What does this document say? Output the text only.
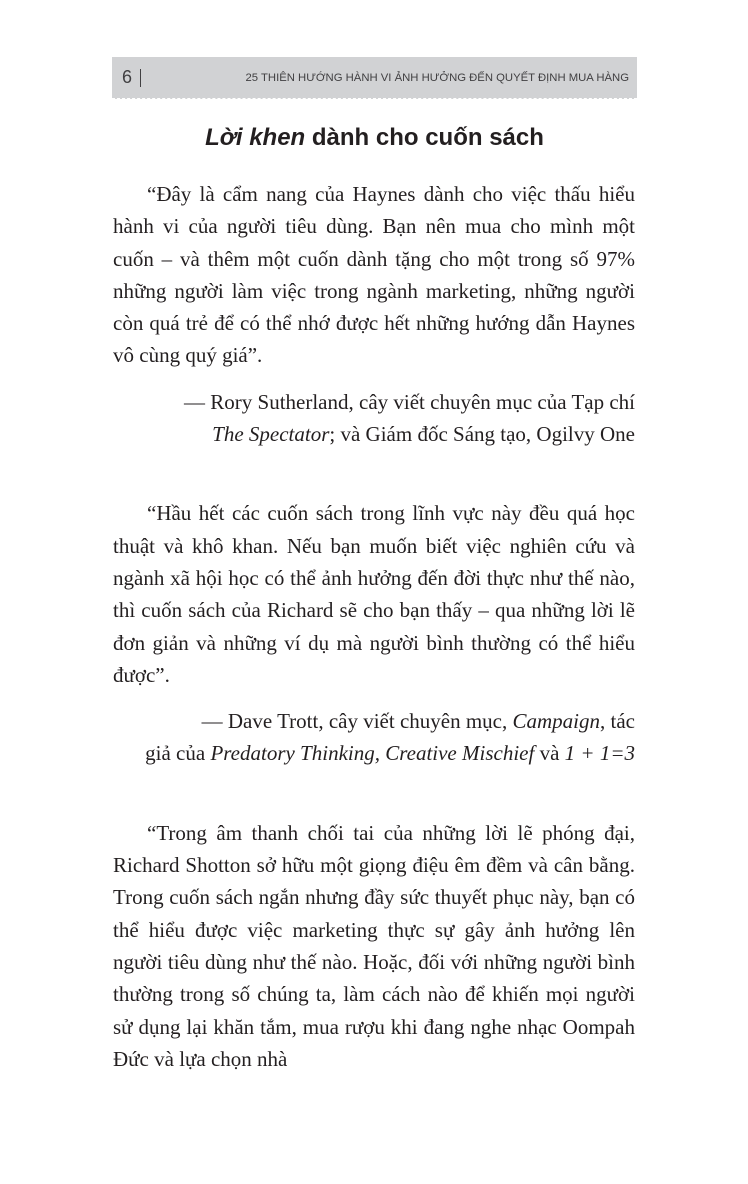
6	25 THIÊN HƯỚNG HÀNH VI ẢNH HƯỞNG ĐẾN QUYẾT ĐỊNH MUA HÀNG
Lời khen dành cho cuốn sách

“Đây là cẩm nang của Haynes dành cho việc thấu hiểu hành vi của người tiêu dùng. Bạn nên mua cho mình một cuốn – và thêm một cuốn dành tặng cho một trong số 97% những người làm việc trong ngành marketing, những người còn quá trẻ để có thể nhớ được hết những hướng dẫn Haynes vô cùng quý giá”.

— Rory Sutherland, cây viết chuyên mục của Tạp chí
The Spectator; và Giám đốc Sáng tạo, Ogilvy One

“Hầu hết các cuốn sách trong lĩnh vực này đều quá học thuật và khô khan. Nếu bạn muốn biết việc nghiên cứu và ngành xã hội học có thể ảnh hưởng đến đời thực như thế nào, thì cuốn sách của Richard sẽ cho bạn thấy – qua những lời lẽ đơn giản và những ví dụ mà người bình thường có thể hiểu được”.

— Dave Trott, cây viết chuyên mục, Campaign, tác
giả của Predatory Thinking, Creative Mischief và 1 + 1=3

“Trong âm thanh chối tai của những lời lẽ phóng đại, Richard Shotton sở hữu một giọng điệu êm đềm và cân bằng. Trong cuốn sách ngắn nhưng đầy sức thuyết phục này, bạn có thể hiểu được việc marketing thực sự gây ảnh hưởng lên người tiêu dùng như thế nào. Hoặc, đối với những người bình thường trong số chúng ta, làm cách nào để khiến mọi người sử dụng lại khăn tắm, mua rượu khi đang nghe nhạc Oompah Đức và lựa chọn nhà
